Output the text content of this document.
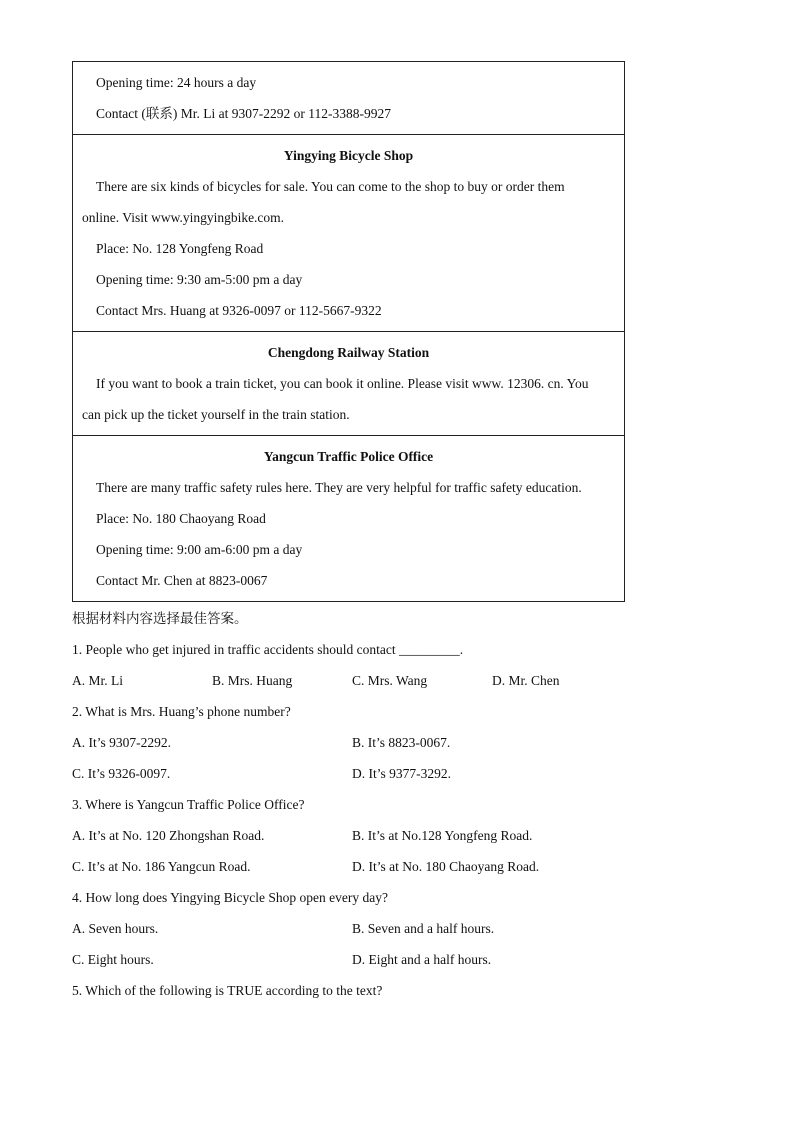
Opening time: 24 hours a day
Contact (联系) Mr. Li at 9307-2292 or 112-3388-9927

Yingying Bicycle Shop
There are six kinds of bicycles for sale. You can come to the shop to buy or order them
online. Visit www.yingyingbike.com.
Place: No. 128 Yongfeng Road
Opening time: 9:30 am-5:00 pm a day
Contact Mrs. Huang at 9326-0097 or 112-5667-9322

Chengdong Railway Station
If you want to book a train ticket, you can book it online. Please visit www. 12306. cn. You
can pick up the ticket yourself in the train station.

Yangcun Traffic Police Office
There are many traffic safety rules here. They are very helpful for traffic safety education.
Place: No. 180 Chaoyang Road
Opening time: 9:00 am-6:00 pm a day
Contact Mr. Chen at 8823-0067
根据材料内容选择最佳答案。
1. People who get injured in traffic accidents should contact _________.
A. Mr. Li	B. Mrs. Huang	C. Mrs. Wang	D. Mr. Chen
2. What is Mrs. Huang’s phone number?
A. It’s 9307-2292.	B. It’s 8823-0067.
C. It’s 9326-0097.	D. It’s 9377-3292.
3. Where is Yangcun Traffic Police Office?
A. It’s at No. 120 Zhongshan Road.	B. It’s at No.128 Yongfeng Road.
C. It’s at No. 186 Yangcun Road.	D. It’s at No. 180 Chaoyang Road.
4. How long does Yingying Bicycle Shop open every day?
A. Seven hours.	B. Seven and a half hours.
C. Eight hours.	D. Eight and a half hours.
5. Which of the following is TRUE according to the text?
